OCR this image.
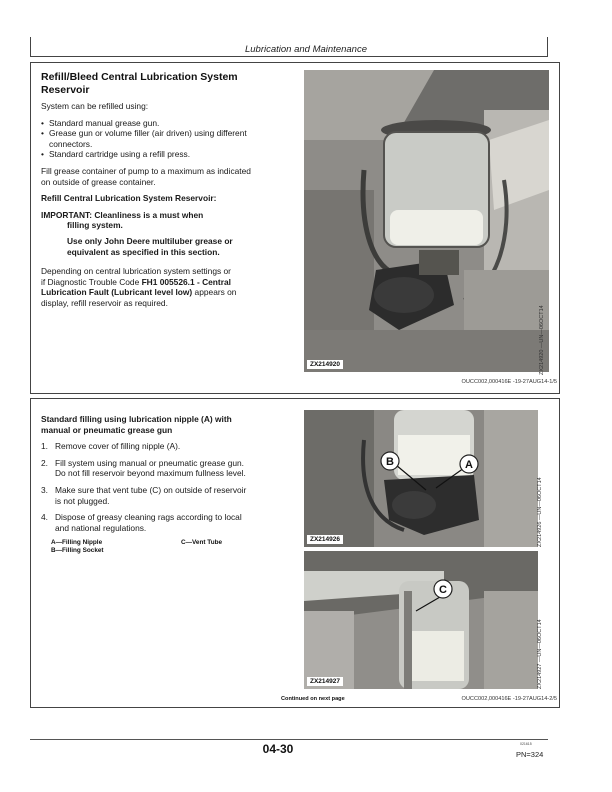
Lubrication and Maintenance
Refill/Bleed Central Lubrication System
Reservoir
System can be refilled using:
• Standard manual grease gun.
• Grease gun or volume filler (air driven) using different
connectors.
• Standard cartridge using a refill press.
Fill grease container of pump to a maximum as indicated
on outside of grease container.
Refill Central Lubrication System Reservoir:
IMPORTANT: Cleanliness is a must when
filling system.
Use only John Deere multiluber grease or
equivalent as specified in this section.
Depending on central lubrication system settings or
if Diagnostic Trouble Code FH1 005526.1 - Central
Lubrication Fault (Lubricant level low) appears on
display, refill reservoir as required.
ZX214920	ZX214920 —UN—06OCT14
OUCC002,000416E -19-27AUG14-1/5
Standard filling using lubrication nipple (A) with
manual or pneumatic grease gun
1. Remove cover of filling nipple (A).
2. Fill system using manual or pneumatic grease gun.
Do not fill reservoir beyond maximum fullness level.
3. Make sure that vent tube (C) on outside of reservoir
is not plugged.
4. Dispose of greasy cleaning rags according to local
and national regulations.
A—Filling Nipple
B—Filling Socket
C—Vent Tube
B	A
ZX214926	ZX214926 —UN—06OCT14
C
ZX214927	ZX214927 —UN—06OCT14
Continued on next page	OUCC002,000416E -19-27AUG14-2/5
04-30	021615
PN=324
